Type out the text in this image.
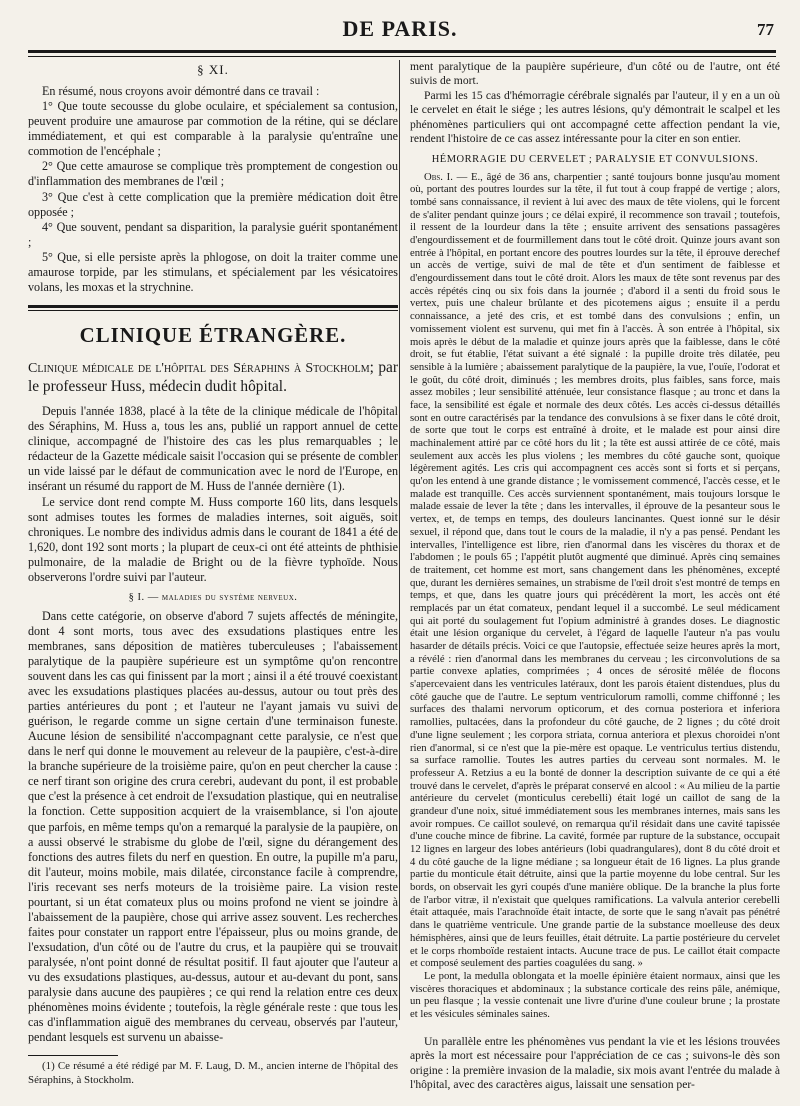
DE PARIS.	77
§ XI.

En résumé, nous croyons avoir démontré dans ce travail :

1° Que toute secousse du globe oculaire, et spécialement sa contusion, peuvent produire une amaurose par commotion de la rétine, qui se déclare immédiatement, et qui est comparable à la paralysie qu'entraîne une commotion de l'encéphale ;

2° Que cette amaurose se complique très promptement de congestion ou d'inflammation des membranes de l'œil ;

3° Que c'est à cette complication que la première médication doit être opposée ;

4° Que souvent, pendant sa disparition, la paralysie guérit spontanément ;

5° Que, si elle persiste après la phlogose, on doit la traiter comme une amaurose torpide, par les stimulans, et spécialement par les vésicatoires volans, les moxas et la strychnine.

CLINIQUE ÉTRANGÈRE.
Clinique médicale de l'hôpital des Séraphins à Stockholm; par le professeur Huss, médecin dudit hôpital.

Depuis l'année 1838, placé à la tête de la clinique médicale de l'hôpital des Séraphins, M. Huss a, tous les ans, publié un rapport annuel de cette clinique, accompagné de l'histoire des cas les plus remarquables ; le rédacteur de la Gazette médicale saisit l'occasion qui se présente de combler un vide laissé par le défaut de communication avec le nord de l'Europe, en insérant un résumé du rapport de M. Huss de l'année dernière (1).

Le service dont rend compte M. Huss comporte 160 lits, dans lesquels sont admises toutes les formes de maladies internes, soit aiguës, soit chroniques. Le nombre des individus admis dans le courant de 1841 a été de 1,620, dont 192 sont morts ; la plupart de ceux-ci ont été atteints de phthisie pulmonaire, de la maladie de Bright ou de la fièvre typhoïde. Nous observerons l'ordre suivi par l'auteur.

§ I. — maladies du système nerveux.

Dans cette catégorie, on observe d'abord 7 sujets affectés de méningite, dont 4 sont morts, tous avec des exsudations plastiques entre les membranes, sans déposition de matières tuberculeuses ; l'abaissement paralytique de la paupière supérieure est un symptôme qu'on rencontre souvent dans les cas qui finissent par la mort ; ainsi il a été trouvé coexistant avec les exsudations plastiques placées au-dessus, autour ou tout près des parties antérieures du pont ; et l'auteur ne l'ayant jamais vu suivi de guérison, le regarde comme un signe certain d'une terminaison funeste. Aucune lésion de sensibilité n'accompagnant cette paralysie, ce n'est que dans le nerf qui donne le mouvement au releveur de la paupière, c'est-à-dire la branche supérieure de la troisième paire, qu'on en peut chercher la cause : ce nerf tirant son origine des crura cerebri, audevant du pont, il est probable que c'est la présence à cet endroit de l'exsudation plastique, qui en neutralise la fonction. Cette supposition acquiert de la vraisemblance, si l'on ajoute que parfois, en même temps qu'on a remarqué la paralysie de la paupière, on a aussi observé le strabisme du globe de l'œil, signe du dérangement des fonctions des autres filets du nerf en question. En outre, la pupille m'a paru, dit l'auteur, moins mobile, mais dilatée, circonstance facile à comprendre, l'iris recevant ses nerfs moteurs de la troisième paire. La vision reste pourtant, si un état comateux plus ou moins profond ne vient se joindre à l'abaissement de la paupière, chose qui arrive assez souvent. Les recherches faites pour constater un rapport entre l'épaisseur, plus ou moins grande, de l'exsudation, d'un côté ou de l'autre du crus, et la paupière qui se trouvait paralysée, n'ont point donné de résultat positif. Il faut ajouter que l'auteur a vu des exsudations plastiques, au-dessus, autour et au-devant du pont, sans paralysie dans aucune des paupières ; ce qui rend la relation entre ces deux phénomènes moins évidente ; toutefois, la règle générale reste : que tous les cas d'inflammation aiguë des membranes du cerveau, observés par l'auteur, pendant lesquels est survenu un abaisse-

(1) Ce résumé a été rédigé par M. F. Laug, D. M., ancien interne de l'hôpital des Séraphins, à Stockholm.

ment paralytique de la paupière supérieure, d'un côté ou de l'autre, ont été suivis de mort.

Parmi les 15 cas d'hémorragie cérébrale signalés par l'auteur, il y en a un où le cervelet en était le siége ; les autres lésions, qu'y démontrait le scalpel et les phénomènes particuliers qui ont accompagné cette affection pendant la vie, rendent l'histoire de ce cas assez intéressante pour la citer en son entier.

HÉMORRAGIE DU CERVELET ; PARALYSIE ET CONVULSIONS.

Obs. I. — E., âgé de 36 ans, charpentier ; santé toujours bonne jusqu'au moment où, portant des poutres lourdes sur la tête, il fut tout à coup frappé de vertige ; alors, tombé sans connaissance, il revient à lui avec des maux de tête violens, qui le forcent de s'aliter pendant quinze jours ; ce délai expiré, il recommence son travail ; toutefois, il ressent de la lourdeur dans la tête ; ensuite arrivent des sensations passagères d'engourdissement et de fourmillement dans tout le côté droit. Quinze jours avant son entrée à l'hôpital, en portant encore des poutres lourdes sur la tête, il éprouve derechef un accès de vertige, suivi de mal de tête et d'un sentiment de faiblesse et d'engourdissement dans tout le côté droit. Alors les maux de tête sont revenus par des accès répétés cinq ou six fois dans la journée ; d'abord il a senti du froid sous le vertex, puis une chaleur brûlante et des picotemens aigus ; ensuite il a perdu connaissance, a jeté des cris, et est tombé dans des convulsions ; enfin, un vomissement violent est survenu, qui met fin à l'accès. À son entrée à l'hôpital, six mois après le début de la maladie et quinze jours après que la faiblesse, dans le côté droit, se fut établie, l'état suivant a été signalé : la pupille droite très dilatée, peu sensible à la lumière ; abaissement paralytique de la paupière, la vue, l'ouïe, l'odorat et le goût, du côté droit, diminués ; les membres droits, plus faibles, sans force, mais assez mobiles ; leur sensibilité atténuée, leur consistance flasque ; au tronc et dans la face, la sensibilité est égale et normale des deux côtés. Les accès ci-dessus détaillés sont en outre caractérisés par la tendance des convulsions à se fixer dans le côté droit, de sorte que tout le corps est entraîné à droite, et le malade est pour ainsi dire machinalement attiré par ce côté hors du lit ; la tête est aussi attirée de ce côté, mais seulement aux accès les plus violens ; les membres du côté gauche sont, quoique légèrement agités. Les cris qui accompagnent ces accès sont si forts et si perçans, qu'on les entend à une grande distance ; le vomissement commencé, l'accès cesse, et le malade est tranquille. Ces accès surviennent spontanément, mais toujours lorsque le malade essaie de lever la tête ; dans les intervalles, il éprouve de la pesanteur sous le vertex, et, de temps en temps, des douleurs lancinantes. Quest ionné sur le désir sexuel, il répond que, dans tout le cours de la maladie, il n'y a pas pensé. Pendant les intervalles, l'intelligence est libre, rien d'anormal dans les viscères du thorax et de l'abdomen ; le pouls 65 ; l'appétit plutôt augmenté que diminué. Après cinq semaines de traitement, cet homme est mort, sans changement dans les phénomènes, excepté que, durant les dernières semaines, un strabisme de l'œil droit s'est montré de temps en temps, et que, dans les quatre jours qui précédèrent la mort, les accès ont été remplacés par un état comateux, pendant lequel il a succombé. Le seul médicament qui ait porté du soulagement fut l'opium administré à grandes doses. Le diagnostic était une lésion organique du cervelet, à l'égard de laquelle l'auteur n'a pas voulu hasarder de détails précis. Voici ce que l'autopsie, effectuée seize heures après la mort, a révélé : rien d'anormal dans les membranes du cerveau ; les circonvolutions de sa partie convexe aplaties, comprimées ; 4 onces de sérosité mêlée de flocons s'apercevaient dans les ventricules latéraux, dont les parois étaient distendues, plus du côté gauche que de l'autre. Le septum ventriculorum ramolli, comme chiffonné ; les surfaces des thalami nervorum opticorum, et des cornua posteriora et inferiora ramollies, pultacées, dans la profondeur du côté gauche, de 2 lignes ; du côté droit d'une ligne seulement ; les corpora striata, cornua anteriora et plexus choroidei n'ont rien d'anormal, si ce n'est que la pie-mère est opaque. Le ventriculus tertius distendu, sa surface ramollie. Toutes les autres parties du cerveau sont normales. M. le professeur A. Retzius a eu la bonté de donner la description suivante de ce qui a été trouvé dans le cervelet, d'après le préparat conservé en alcool : « Au milieu de la partie antérieure du cervelet (monticulus cerebelli) était logé un caillot de sang de la grandeur d'une noix, situé immédiatement sous les membranes internes, mais sans les avoir rompues. Ce caillot soulevé, on remarqua qu'il résidait dans une cavité tapissée d'une couche mince de fibrine. La cavité, formée par rupture de la substance, occupait 12 lignes en largeur des lobes antérieurs (lobi quadrangulares), dont 8 du côté droit et 4 du côté gauche de la ligne médiane ; sa longueur était de 16 lignes. La plus grande partie du monticule était détruite, ainsi que la partie moyenne du lobe central. Sur les bords, on observait les gyri coupés d'une manière oblique. De la branche la plus forte de l'arbor vitræ, il n'existait que quelques ramifications. La valvula anterior cerebelli était attaquée, mais l'arachnoïde était intacte, de sorte que le sang n'avait pas pénétré dans le quatrième ventricule. Une grande partie de la substance moelleuse des deux hémisphères, ainsi que de leurs feuilles, était détruite. La partie postérieure du cervelet et le corps rhomboïde restaient intacts. Aucune trace de pus. Le caillot était compacte et composé seulement des parties coagulées du sang. »

Le pont, la medulla oblongata et la moelle épinière étaient normaux, ainsi que les viscères thoraciques et abdominaux ; la substance corticale des reins pâle, anémique, un peu flasque ; la vessie contenait une livre d'urine d'une couleur brune ; la prostate et les vésicules séminales saines.

Un parallèle entre les phénomènes vus pendant la vie et les lésions trouvées après la mort est nécessaire pour l'appréciation de ce cas ; suivons-le dès son origine : la première invasion de la maladie, six mois avant l'entrée du malade à l'hôpital, avec des caractères aigus, laissait une sensation per-
